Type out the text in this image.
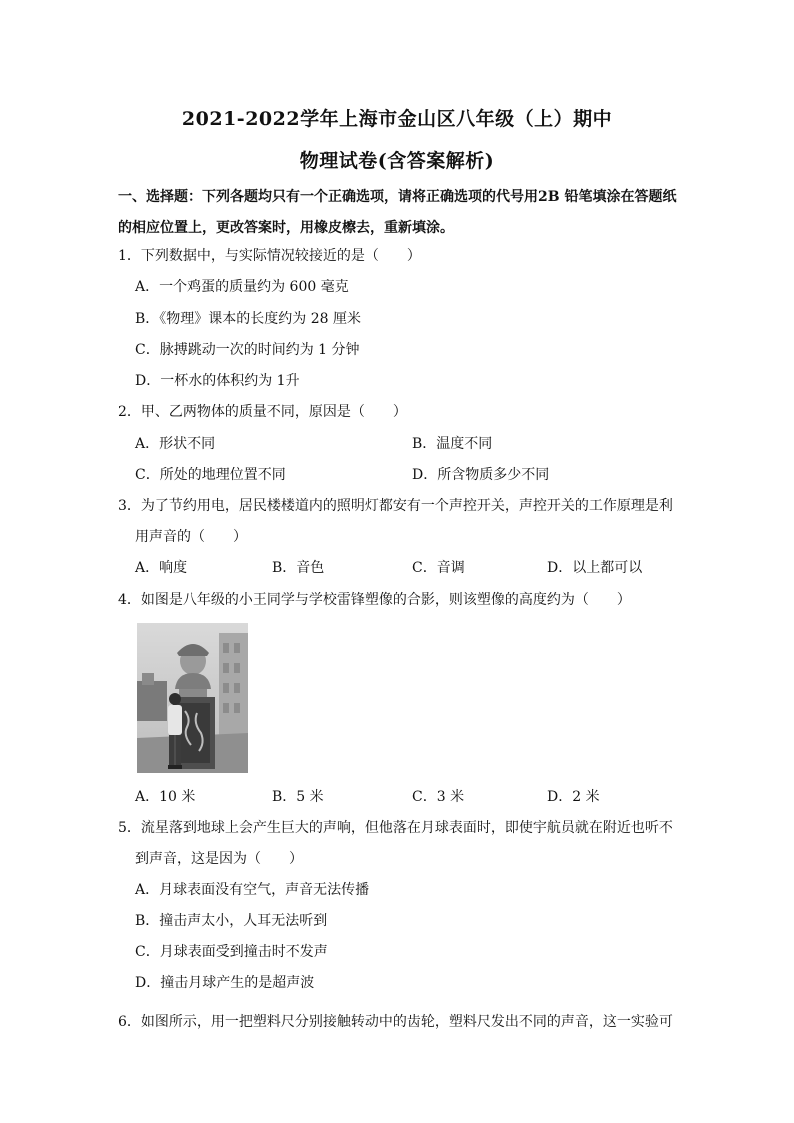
2021-2022学年上海市金山区八年级（上）期中
物理试卷(含答案解析)
一、选择题：下列各题均只有一个正确选项，请将正确选项的代号用2B 铅笔填涂在答题纸
的相应位置上，更改答案时，用橡皮檫去，重新填涂。
1．下列数据中，与实际情况较接近的是（　　）
A．一个鸡蛋的质量约为 600 毫克
B．《物理》课本的长度约为 28 厘米
C．脉搏跳动一次的时间约为 1 分钟
D．一杯水的体积约为 1升
2．甲、乙两物体的质量不同，原因是（　　）
A．形状不同	B．温度不同
C．所处的地理位置不同	D．所含物质多少不同
3．为了节约用电，居民楼楼道内的照明灯都安有一个声控开关，声控开关的工作原理是利
用声音的（　　）
A．响度	B．音色	C．音调	D．以上都可以
4．如图是八年级的小王同学与学校雷锋塑像的合影，则该塑像的高度约为（　　）
A．10 米	B．5 米	C．3 米	D．2 米
5．流星落到地球上会产生巨大的声响，但他落在月球表面时，即使宇航员就在附近也听不
到声音，这是因为（　　）
A．月球表面没有空气，声音无法传播
B．撞击声太小，人耳无法听到
C．月球表面受到撞击时不发声
D．撞击月球产生的是超声波
6．如图所示，用一把塑料尺分别接触转动中的齿轮，塑料尺发出不同的声音，这一实验可
